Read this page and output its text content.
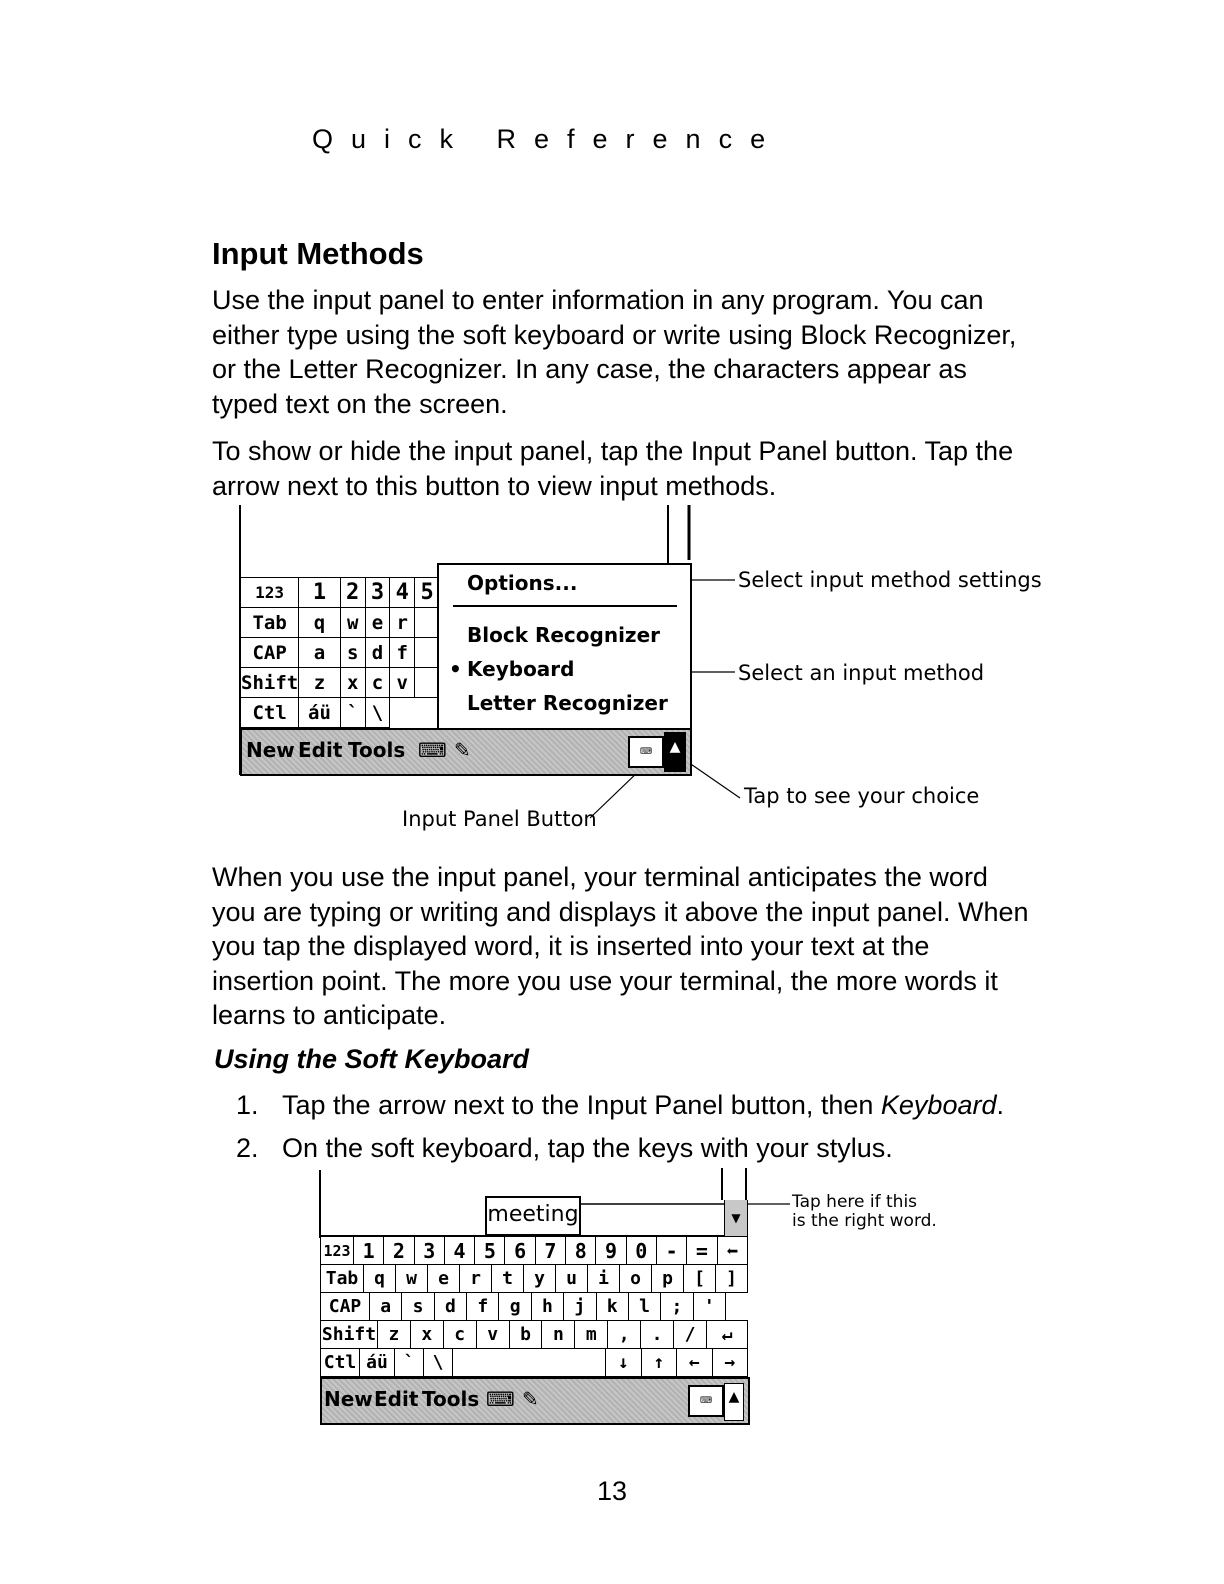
Quick Reference
Input Methods
Use the input panel to enter information in any program. You can either type using the soft keyboard or write using Block Recognizer, or the Letter Recognizer. In any case, the characters appear as typed text on the screen.
To show or hide the input panel, tap the Input Panel button. Tap the arrow next to this button to view input methods.
123	1	2	3	4	5
Tab	q	w	e	r	
CAP	a	s	d	f	
Shift	z	x	c	v	
Ctl	áü	`	\		
Options...
Block Recognizer
• Keyboard
Letter Recognizer
New Edit Tools ⌨ ✎	⌨	▲
Select input method settings
Select an input method
Tap to see your choice
Input Panel Button
When you use the input panel, your terminal anticipates the word you are typing or writing and displays it above the input panel. When you tap the displayed word, it is inserted into your text at the insertion point. The more you use your terminal, the more words it learns to anticipate.
Using the Soft Keyboard
1. Tap the arrow next to the Input Panel button, then Keyboard.
2. On the soft keyboard, tap the keys with your stylus.
meeting	▼
123	1	2	3	4	5	6	7	8	9	0	-	=	⬅
Tab	q	w	e	r	t	y	u	i	o	p	[	]
CAP	a	s	d	f	g	h	j	k	l	;	'
Shift	z	x	c	v	b	n	m	,	.	/	↵
Ctl	áü	`	\		↓	↑	←	→
New Edit Tools ⌨ ✎	⌨	▲
Tap here if this
is the right word.
13
